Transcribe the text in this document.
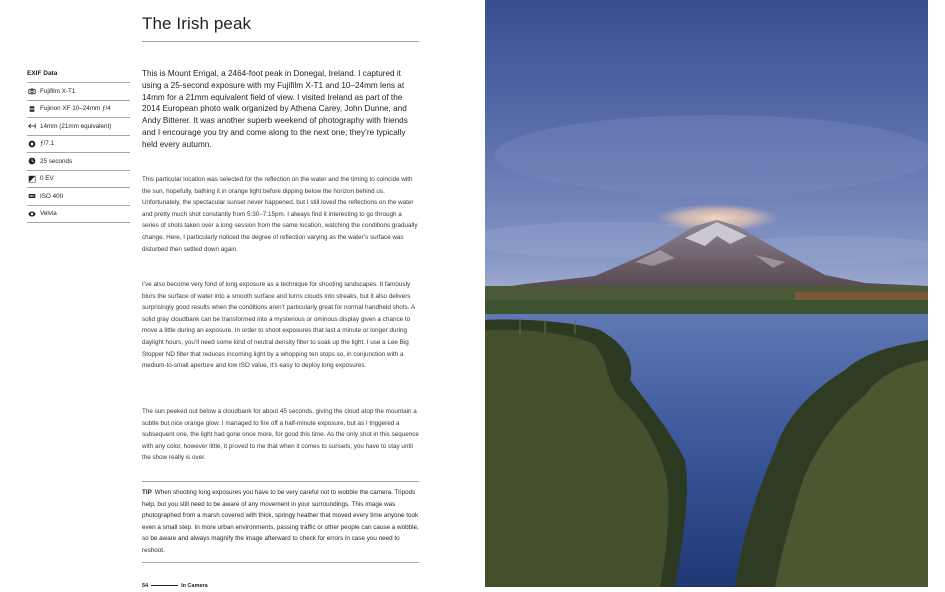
The Irish peak
EXIF Data
Fujifilm X-T1
Fujinon XF 10–24mm ƒ/4
14mm (21mm equivalent)
ƒ/7.1
25 seconds
0 EV
ISO ISO 400
Velvia

This is Mount Errigal, a 2464-foot peak in Donegal, Ireland. I captured it using a 25-second exposure with my Fujifilm X-T1 and 10–24mm lens at 14mm for a 21mm equivalent field of view. I visited Ireland as part of the 2014 European photo walk organized by Athena Carey, John Dunne, and Andy Bitterer. It was another superb weekend of photography with friends and I encourage you try and come along to the next one; they’re typically held every autumn.

This particular location was selected for the reflection on the water and the timing to coincide with the sun, hopefully, bathing it in orange light before dipping below the horizon behind us. Unfortunately, the spectacular sunset never happened, but I still loved the reflections on the water and pretty much shot constantly from 5:30–7:15pm. I always find it interesting to go through a series of shots taken over a long session from the same location, watching the conditions gradually change. Here, I particularly noticed the degree of reflection varying as the water’s surface was disturbed then settled down again.

I’ve also become very fond of long exposure as a technique for shooting landscapes. It famously blurs the surface of water into a smooth surface and turns clouds into streaks, but it also delivers surprisingly good results when the conditions aren’t particularly great for normal handheld shots. A solid gray cloudbank can be transformed into a mysterious or ominous display given a chance to move a little during an exposure. In order to shoot exposures that last a minute or longer during daylight hours, you’ll need some kind of neutral density filter to soak up the light. I use a Lee Big Stopper ND filter that reduces incoming light by a whopping ten stops so, in conjunction with a medium-to-small aperture and low ISO value, it’s easy to deploy long exposures.

The sun peeked out below a cloudbank for about 45 seconds, giving the cloud atop the mountain a subtle but nice orange glow. I managed to fire off a half-minute exposure, but as I triggered a subsequent one, the light had gone once more, for good this time. As the only shot in this sequence with any color, however little, it proved to me that when it comes to sunsets, you have to stay until the show really is over.

TIP When shooting long exposures you have to be very careful not to wobble the camera. Tripods help, but you still need to be aware of any movement in your surroundings. This image was photographed from a marsh covered with thick, springy heather that moved every time anyone took even a small step. In more urban environments, passing traffic or other people can cause a wobble, so be aware and always magnify the image afterward to check for errors in case you need to reshoot.

54	In Camera
